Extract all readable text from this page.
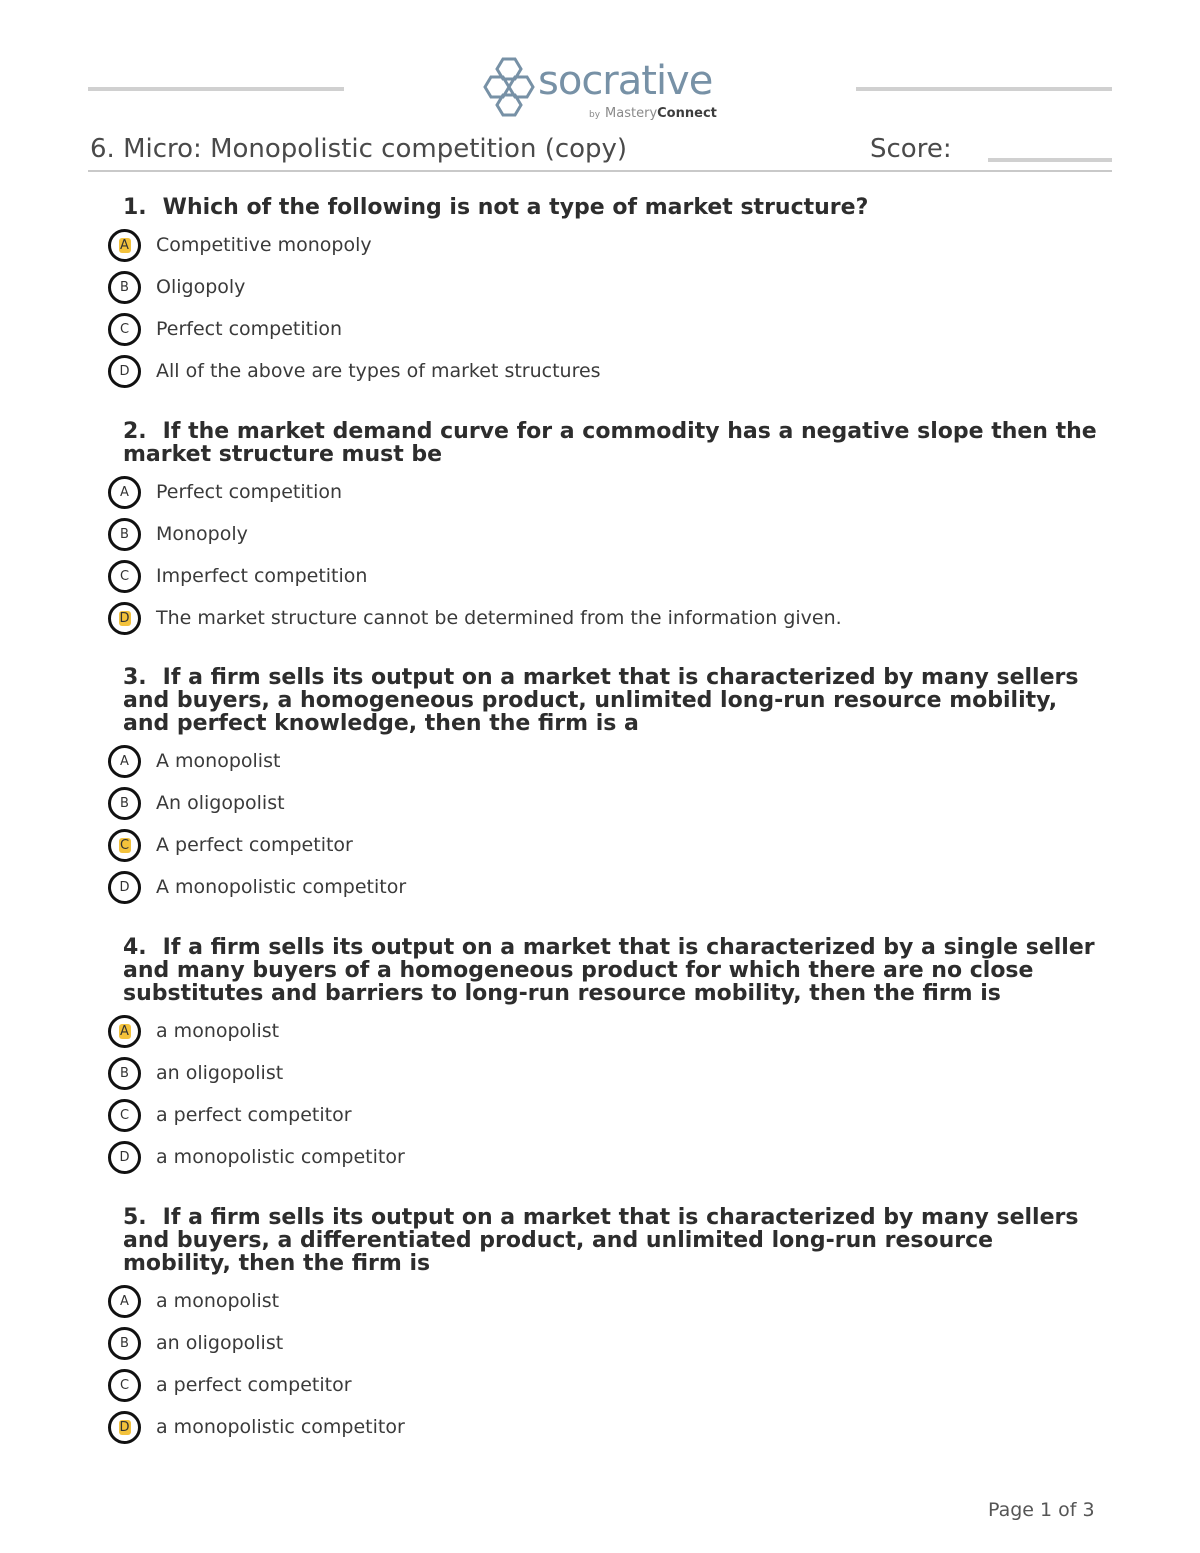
socrative
by MasteryConnect
6. Micro: Monopolistic competition (copy)	Score:
1. Which of the following is not a type of market structure?
A Competitive monopoly
B Oligopoly
C Perfect competition
D All of the above are types of market structures
2. If the market demand curve for a commodity has a negative slope then the market structure must be
A Perfect competition
B Monopoly
C Imperfect competition
D The market structure cannot be determined from the information given.
3. If a firm sells its output on a market that is characterized by many sellers and buyers, a homogeneous product, unlimited long-run resource mobility, and perfect knowledge, then the firm is a
A A monopolist
B An oligopolist
C A perfect competitor
D A monopolistic competitor
4. If a firm sells its output on a market that is characterized by a single seller and many buyers of a homogeneous product for which there are no close substitutes and barriers to long-run resource mobility, then the firm is
A a monopolist
B an oligopolist
C a perfect competitor
D a monopolistic competitor
5. If a firm sells its output on a market that is characterized by many sellers and buyers, a differentiated product, and unlimited long-run resource mobility, then the firm is
A a monopolist
B an oligopolist
C a perfect competitor
D a monopolistic competitor
Page 1 of 3
